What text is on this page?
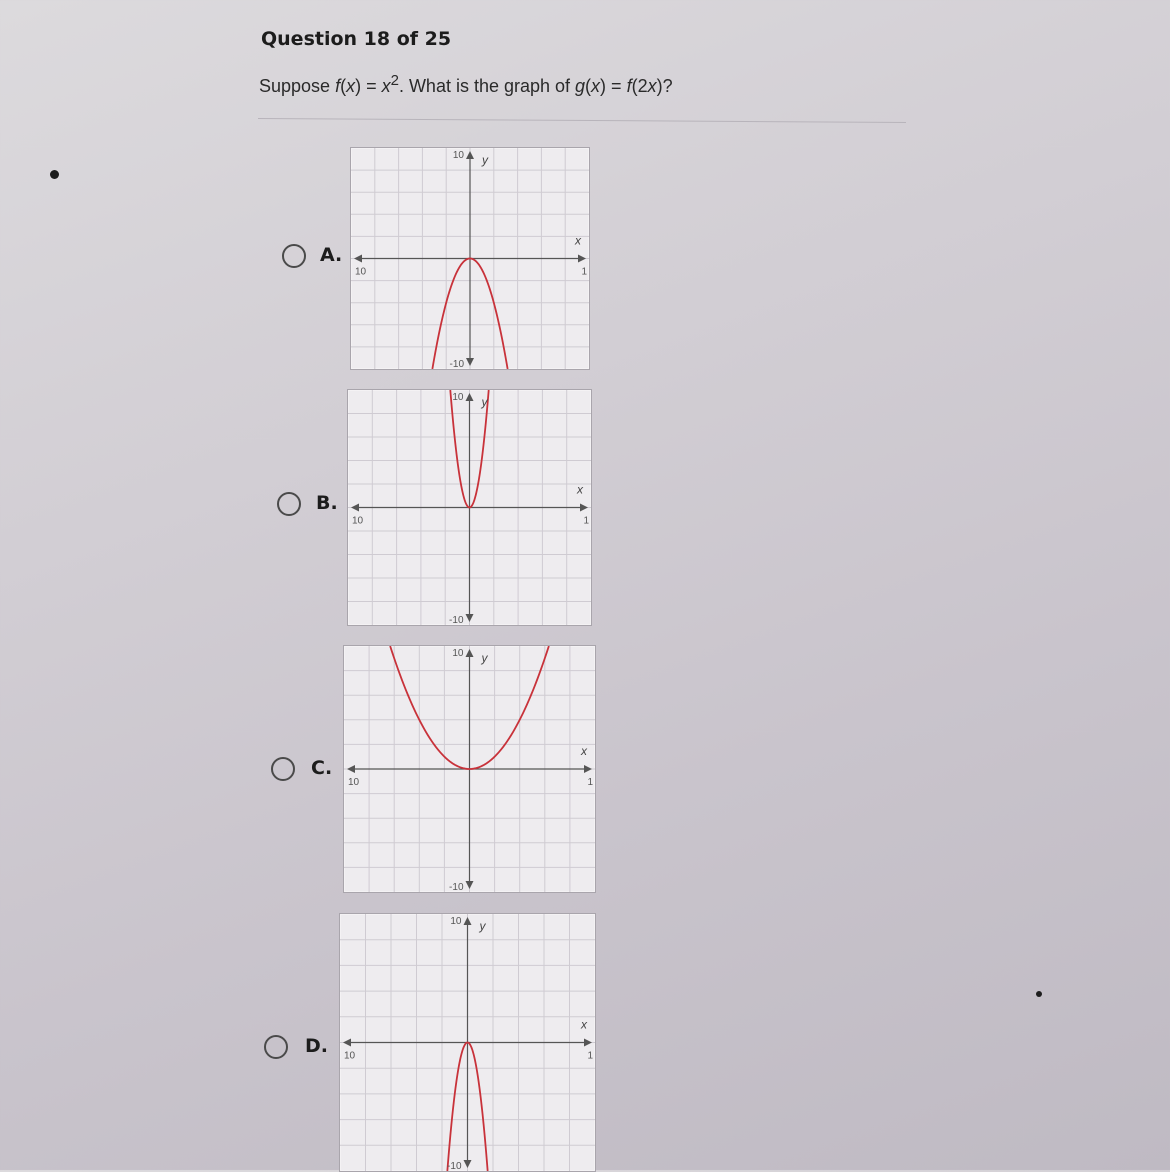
Question 18 of 25
Suppose $f(x) = x^2$. What is the graph of g(x) = f(2x)?
A.
10
-10
y
x
10	1
B.
10
-10
y
x
10	1
C.
10
-10
y
x
10	1
D.
10
-10
y
x
10	1
